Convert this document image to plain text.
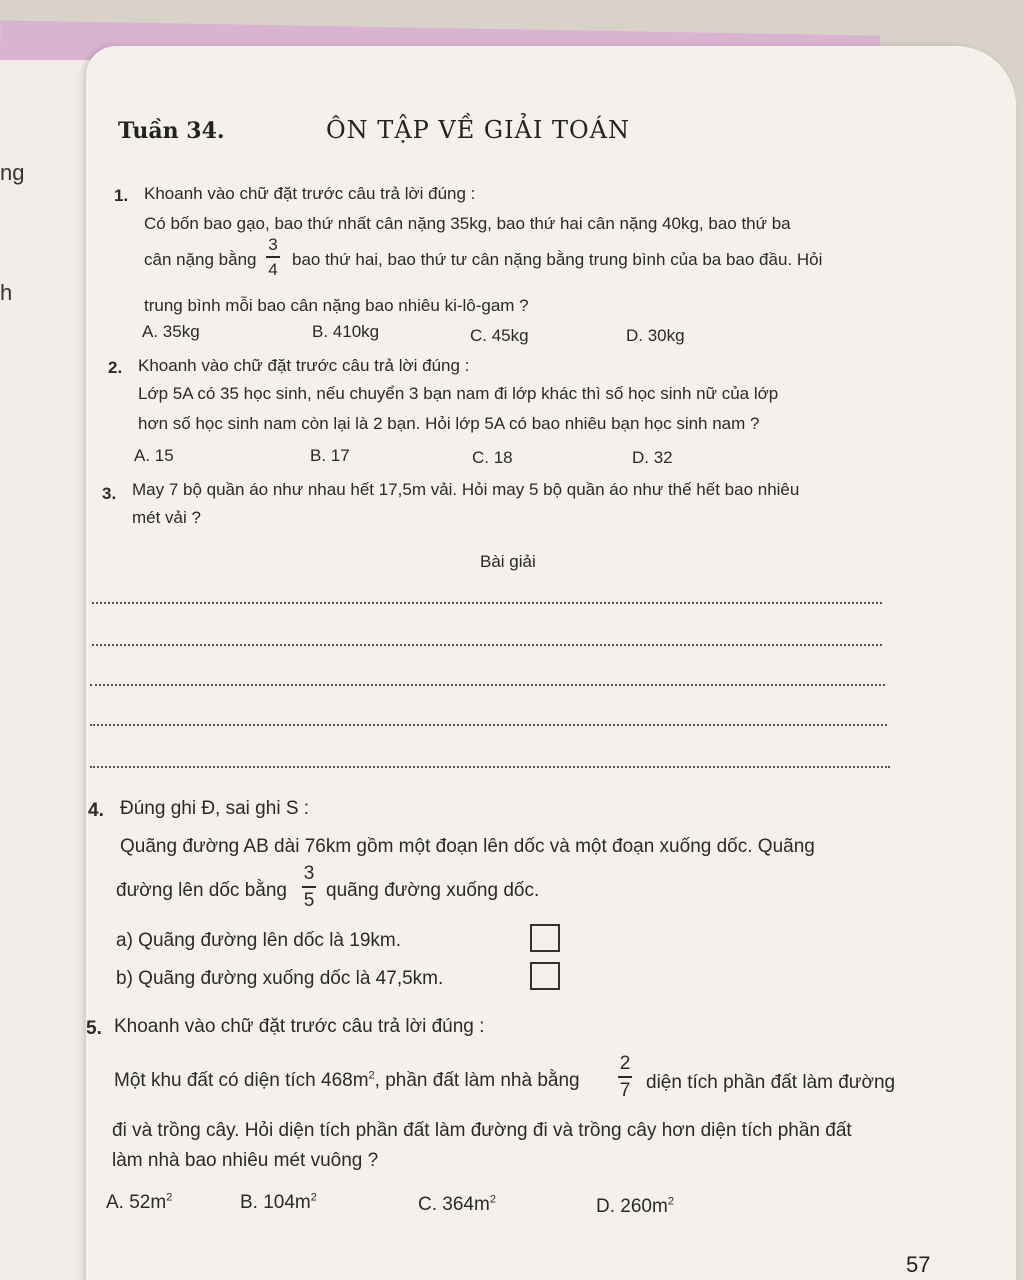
ng
h
Tuần 34.	ÔN TẬP VỀ GIẢI TOÁN
1. Khoanh vào chữ đặt trước câu trả lời đúng :
Có bốn bao gạo, bao thứ nhất cân nặng 35kg, bao thứ hai cân nặng 40kg, bao thứ ba
cân nặng bằng
3
4 bao thứ hai, bao thứ tư cân nặng bằng trung bình của ba bao đầu. Hỏi
trung bình mỗi bao cân nặng bao nhiêu ki-lô-gam ?
A. 35kg	B. 410kg	C. 45kg	D. 30kg
2. Khoanh vào chữ đặt trước câu trả lời đúng :
Lớp 5A có 35 học sinh, nếu chuyển 3 bạn nam đi lớp khác thì số học sinh nữ của lớp
hơn số học sinh nam còn lại là 2 bạn. Hỏi lớp 5A có bao nhiêu bạn học sinh nam ?
A. 15	B. 17	C. 18	D. 32
3. May 7 bộ quần áo như nhau hết 17,5m vải. Hỏi may 5 bộ quần áo như thế hết bao nhiêu
mét vải ?
Bài giải
4. Đúng ghi Đ, sai ghi S :
Quãng đường AB dài 76km gồm một đoạn lên dốc và một đoạn xuống dốc. Quãng
đường lên dốc bằng
3
5 quãng đường xuống dốc.
a) Quãng đường lên dốc là 19km.
b) Quãng đường xuống dốc là 47,5km.
5. Khoanh vào chữ đặt trước câu trả lời đúng :
Một khu đất có diện tích $468m^2$, phần đất làm nhà bằng
2
7 diện tích phần đất làm đường
đi và trồng cây. Hỏi diện tích phần đất làm đường đi và trồng cây hơn diện tích phần đất
làm nhà bao nhiêu mét vuông ?
A. $52m^2$	B. $104m^2$	C. $364m^2$	D. $260m^2$
57
